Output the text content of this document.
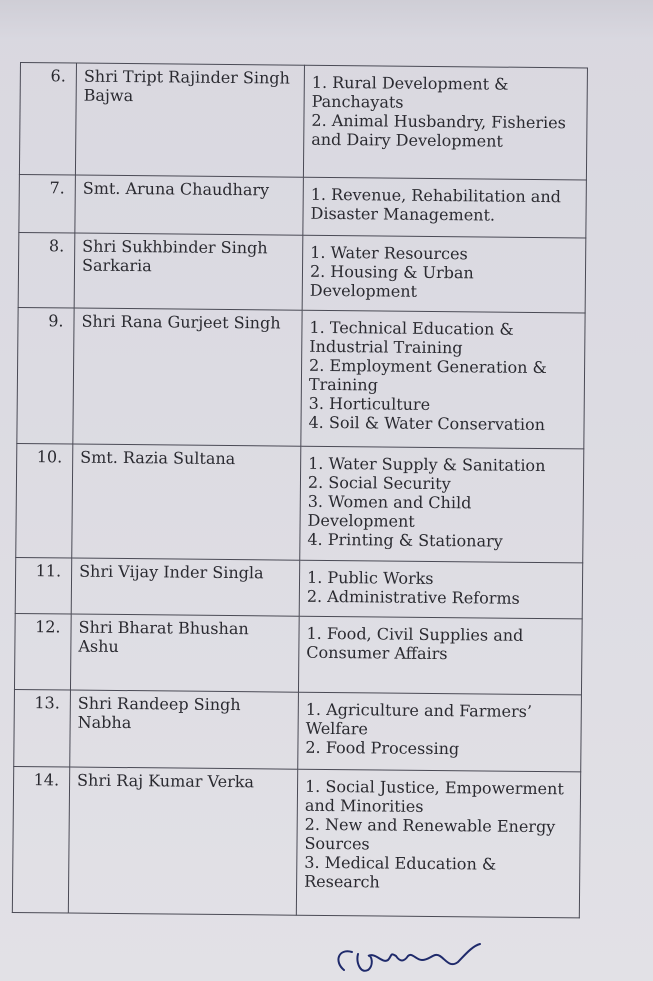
6.	Shri Tript Rajinder Singh Bajwa	1. Rural Development & Panchayats
2. Animal Husbandry, Fisheries and Dairy Development

7.	Smt. Aruna Chaudhary	1. Revenue, Rehabilitation and Disaster Management.

8.	Shri Sukhbinder Singh Sarkaria	1. Water Resources
2. Housing & Urban Development

9.	Shri Rana Gurjeet Singh	1. Technical Education & Industrial Training
2. Employment Generation & Training
3. Horticulture
4. Soil & Water Conservation

10.	Smt. Razia Sultana	1. Water Supply & Sanitation
2. Social Security
3. Women and Child Development
4. Printing & Stationary

11.	Shri Vijay Inder Singla	1. Public Works
2. Administrative Reforms

12.	Shri Bharat Bhushan Ashu	1. Food, Civil Supplies and Consumer Affairs

13.	Shri Randeep Singh Nabha	1. Agriculture and Farmers’ Welfare
2. Food Processing

14.	Shri Raj Kumar Verka	1. Social Justice, Empowerment and Minorities
2. New and Renewable Energy Sources
3. Medical Education & Research
